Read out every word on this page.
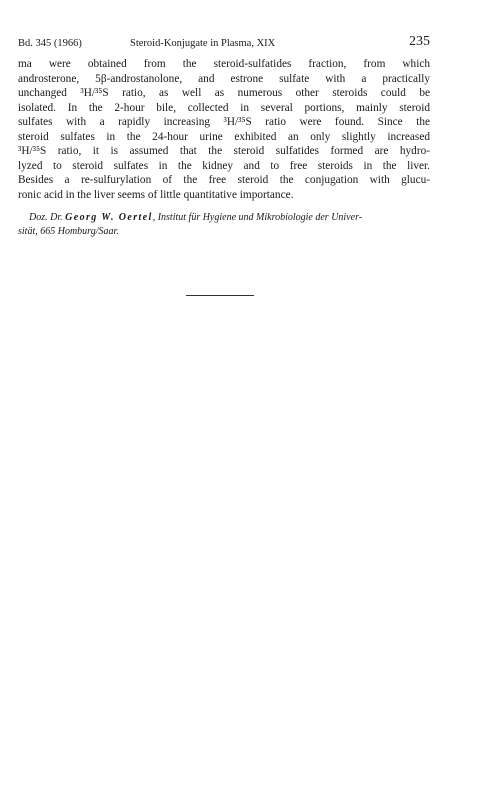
Bd. 345 (1966)	Steroid-Konjugate in Plasma, XIX	235
ma were obtained from the steroid-sulfatides fraction, from which
androsterone, 5β-androstanolone, and estrone sulfate with a practically
unchanged ³H/³⁵S ratio, as well as numerous other steroids could be
isolated. In the 2-hour bile, collected in several portions, mainly steroid
sulfates with a rapidly increasing ³H/³⁵S ratio were found. Since the
steroid sulfates in the 24-hour urine exhibited an only slightly increased
³H/³⁵S ratio, it is assumed that the steroid sulfatides formed are hydro-
lyzed to steroid sulfates in the kidney and to free steroids in the liver.
Besides a re-sulfurylation of the free steroid the conjugation with glucu-
ronic acid in the liver seems of little quantitative importance.
Doz. Dr. Georg W. Oertel, Institut für Hygiene und Mikrobiologie der Univer-
sität, 665 Homburg/Saar.
